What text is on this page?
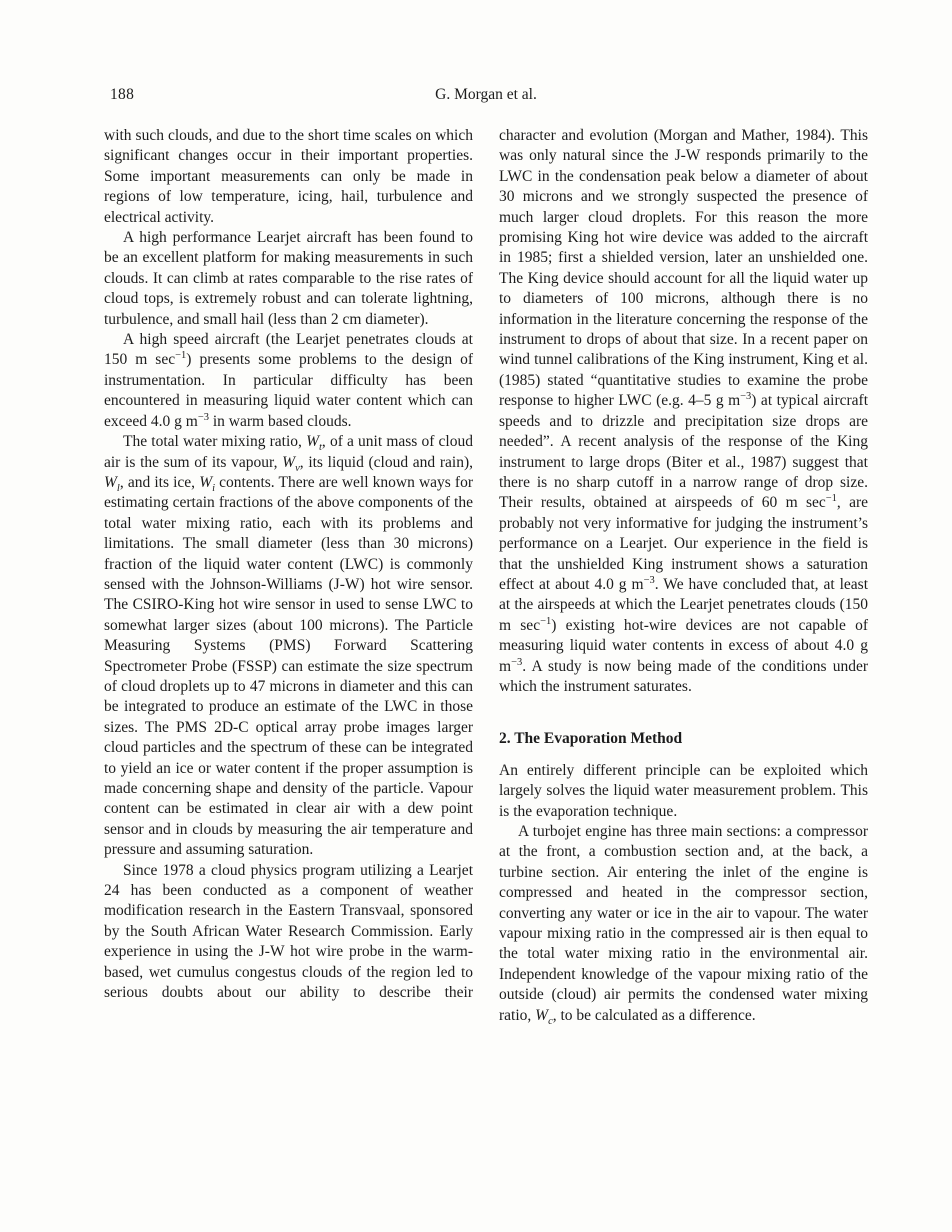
188	G. Morgan et al.

with such clouds, and due to the short time scales on which significant changes occur in their important properties. Some important measurements can only be made in regions of low temperature, icing, hail, turbulence and electrical activity.

A high performance Learjet aircraft has been found to be an excellent platform for making measurements in such clouds. It can climb at rates comparable to the rise rates of cloud tops, is extremely robust and can tolerate lightning, turbulence, and small hail (less than 2 cm diameter).

A high speed aircraft (the Learjet penetrates clouds at 150 m $\sec^{-1}$) presents some problems to the design of instrumentation. In particular difficulty has been encountered in measuring liquid water content which can exceed 4.0 g $m^{-3}$ in warm based clouds.

The total water mixing ratio, $W_t$, of a unit mass of cloud air is the sum of its vapour, $W_v$, its liquid (cloud and rain), $W_l$, and its ice, $W_i$ contents. There are well known ways for estimating certain fractions of the above components of the total water mixing ratio, each with its problems and limitations. The small diameter (less than 30 microns) fraction of the liquid water content (LWC) is commonly sensed with the Johnson-Williams (J-W) hot wire sensor. The CSIRO-King hot wire sensor in used to sense LWC to somewhat larger sizes (about 100 microns). The Particle Measuring Systems (PMS) Forward Scattering Spectrometer Probe (FSSP) can estimate the size spectrum of cloud droplets up to 47 microns in diameter and this can be integrated to produce an estimate of the LWC in those sizes. The PMS 2D-C optical array probe images larger cloud particles and the spectrum of these can be integrated to yield an ice or water content if the proper assumption is made concerning shape and density of the particle. Vapour content can be estimated in clear air with a dew point sensor and in clouds by measuring the air temperature and pressure and assuming saturation.

Since 1978 a cloud physics program utilizing a Learjet 24 has been conducted as a component of weather modification research in the Eastern Transvaal, sponsored by the South African Water Research Commission. Early experience in using the J-W hot wire probe in the warm-based, wet cumulus congestus clouds of the region led to serious doubts about our ability to describe their

character and evolution (Morgan and Mather, 1984). This was only natural since the J-W responds primarily to the LWC in the condensation peak below a diameter of about 30 microns and we strongly suspected the presence of much larger cloud droplets. For this reason the more promising King hot wire device was added to the aircraft in 1985; first a shielded version, later an unshielded one. The King device should account for all the liquid water up to diameters of 100 microns, although there is no information in the literature concerning the response of the instrument to drops of about that size. In a recent paper on wind tunnel calibrations of the King instrument, King et al. (1985) stated “quantitative studies to examine the probe response to higher LWC (e.g. 4–5 g $m^{-3}$) at typical aircraft speeds and to drizzle and precipitation size drops are needed”. A recent analysis of the response of the King instrument to large drops (Biter et al., 1987) suggest that there is no sharp cutoff in a narrow range of drop size. Their results, obtained at airspeeds of 60 m $\sec^{-1}$, are probably not very informative for judging the instrument’s performance on a Learjet. Our experience in the field is that the unshielded King instrument shows a saturation effect at about 4.0 g $m^{-3}$. We have concluded that, at least at the airspeeds at which the Learjet penetrates clouds (150 m $\sec^{-1}$) existing hot-wire devices are not capable of measuring liquid water contents in excess of about 4.0 g $m^{-3}$. A study is now being made of the conditions under which the instrument saturates.

2. The Evaporation Method

An entirely different principle can be exploited which largely solves the liquid water measurement problem. This is the evaporation technique.

A turbojet engine has three main sections: a compressor at the front, a combustion section and, at the back, a turbine section. Air entering the inlet of the engine is compressed and heated in the compressor section, converting any water or ice in the air to vapour. The water vapour mixing ratio in the compressed air is then equal to the total water mixing ratio in the environmental air. Independent knowledge of the vapour mixing ratio of the outside (cloud) air permits the condensed water mixing ratio, $W_c$, to be calculated as a difference.
